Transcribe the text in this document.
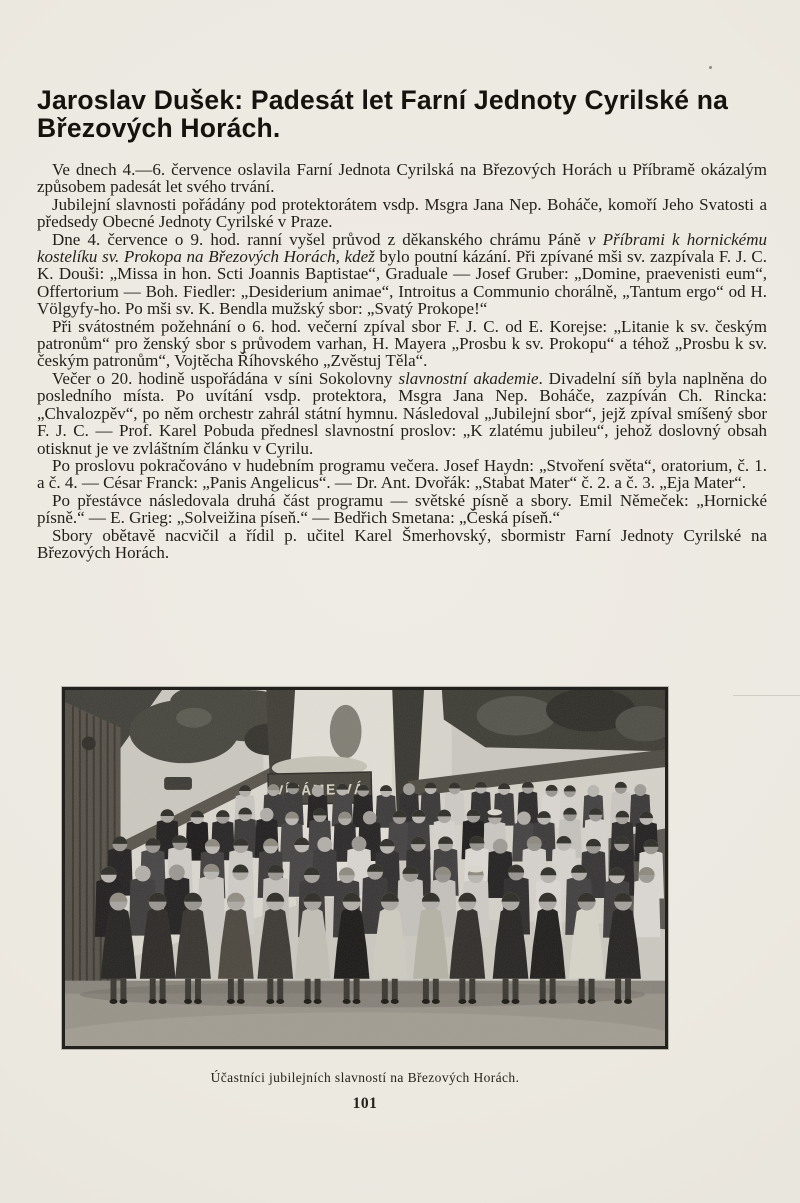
Jaroslav Dušek: Padesát let Farní Jednoty Cyrilské na
Březových Horách.

Ve dnech 4.—6. července oslavila Farní Jednota Cyrilská na Březových Horách u Příbramě okázalým způsobem padesát let svého trvání.

Jubilejní slavnosti pořádány pod protektorátem vsdp. Msgra Jana Nep. Boháče, komoří Jeho Svatosti a předsedy Obecné Jednoty Cyrilské v Praze.

Dne 4. července o 9. hod. ranní vyšel průvod z děkanského chrámu Páně v Příbrami k hornickému kostelíku sv. Prokopa na Březových Horách, kdež bylo poutní kázání. Při zpívané mši sv. zazpívala F. J. C. K. Douši: „Missa in hon. Scti Joannis Baptistae“, Graduale — Josef Gruber: „Domine, praevenisti eum“, Offertorium — Boh. Fiedler: „Desiderium animae“, Introitus a Communio chorálně, „Tantum ergo“ od H. Völgyfy-ho. Po mši sv. K. Bendla mužský sbor: „Svatý Prokope!“

Při svátostném požehnání o 6. hod. večerní zpíval sbor F. J. C. od E. Korejse: „Litanie k sv. českým patronům“ pro ženský sbor s průvodem varhan, H. Mayera „Prosbu k sv. Prokopu“ a téhož „Prosbu k sv. českým patronům“, Vojtěcha Říhovského „Zvěstuj Těla“.

Večer o 20. hodině uspořádána v síni Sokolovny slavnostní akademie. Divadelní síň byla naplněna do posledního místa. Po uvítání vsdp. protektora, Msgra Jana Nep. Boháče, zazpíván Ch. Rincka: „Chvalozpěv“, po něm orchestr zahrál státní hymnu. Následoval „Jubilejní sbor“, jejž zpíval smíšený sbor F. J. C. — Prof. Karel Pobuda přednesl slavnostní proslov: „K zlatému jubileu“, jehož doslovný obsah otisknut je ve zvláštním článku v Cyrilu.

Po proslovu pokračováno v hudebním programu večera. Josef Haydn: „Stvoření světa“, oratorium, č. 1. a č. 4. — César Franck: „Panis Angelicus“. — Dr. Ant. Dvořák: „Stabat Mater“ č. 2. a č. 3. „Eja Mater“.

Po přestávce následovala druhá část programu — světské písně a sbory. Emil Němeček: „Hornické písně.“ — E. Grieg: „Solveižina píseň.“ — Bedřich Smetana: „Česká píseň.“

Sbory obětavě nacvičil a řídil p. učitel Karel Šmerhovský, sbormistr Farní Jednoty Cyrilské na Březových Horách.

VÍTÁME VÁ
Účastníci jubilejních slavností na Březových Horách.
101
